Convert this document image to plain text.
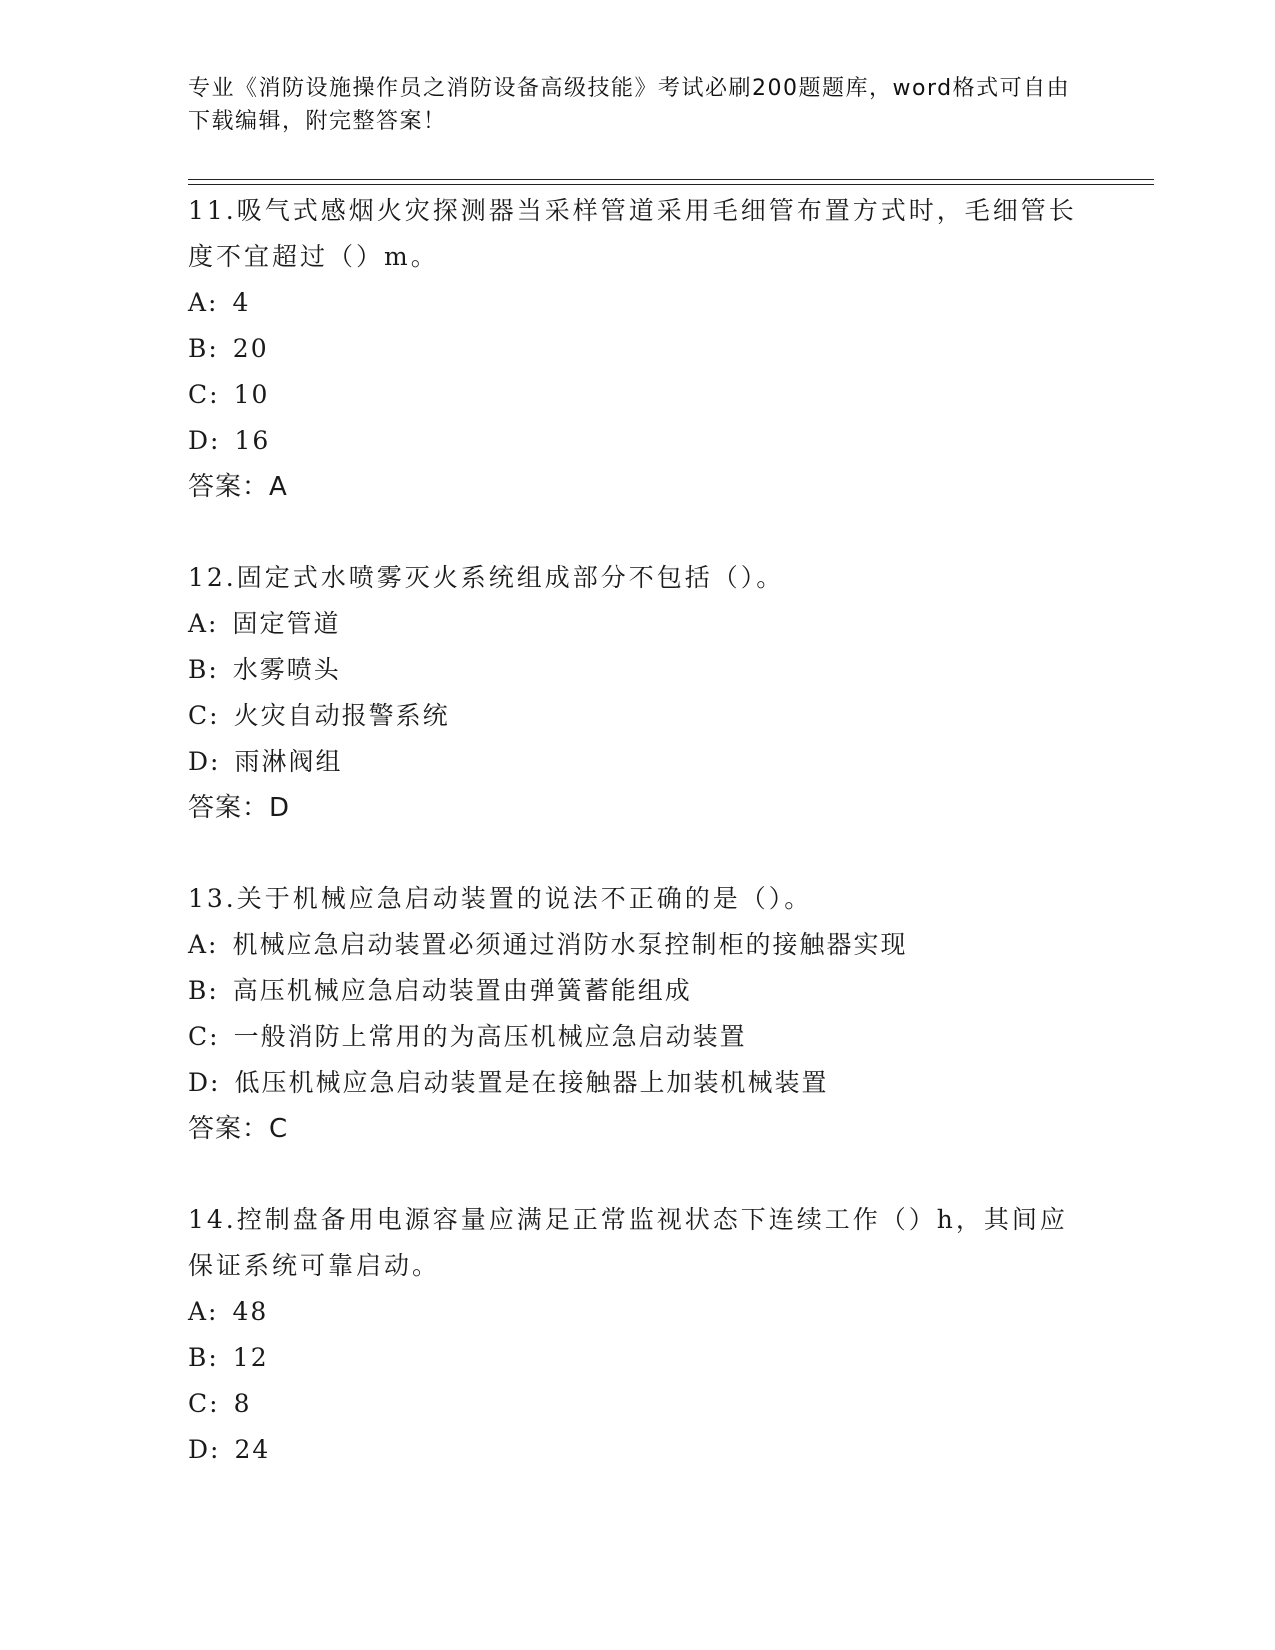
专业《消防设施操作员之消防设备高级技能》考试必刷200题题库，word格式可自由下载编辑，附完整答案！

11.吸气式感烟火灾探测器当采样管道采用毛细管布置方式时，毛细管长度不宜超过（）m。

A: 4
B: 20
C: 10
D: 16
答案：A

12.固定式水喷雾灭火系统组成部分不包括（）。

A: 固定管道
B: 水雾喷头
C: 火灾自动报警系统
D: 雨淋阀组
答案：D

13.关于机械应急启动装置的说法不正确的是（）。

A: 机械应急启动装置必须通过消防水泵控制柜的接触器实现
B: 高压机械应急启动装置由弹簧蓄能组成
C: 一般消防上常用的为高压机械应急启动装置
D: 低压机械应急启动装置是在接触器上加装机械装置
答案：C

14.控制盘备用电源容量应满足正常监视状态下连续工作（）h，其间应保证系统可靠启动。

A: 48
B: 12
C: 8
D: 24
